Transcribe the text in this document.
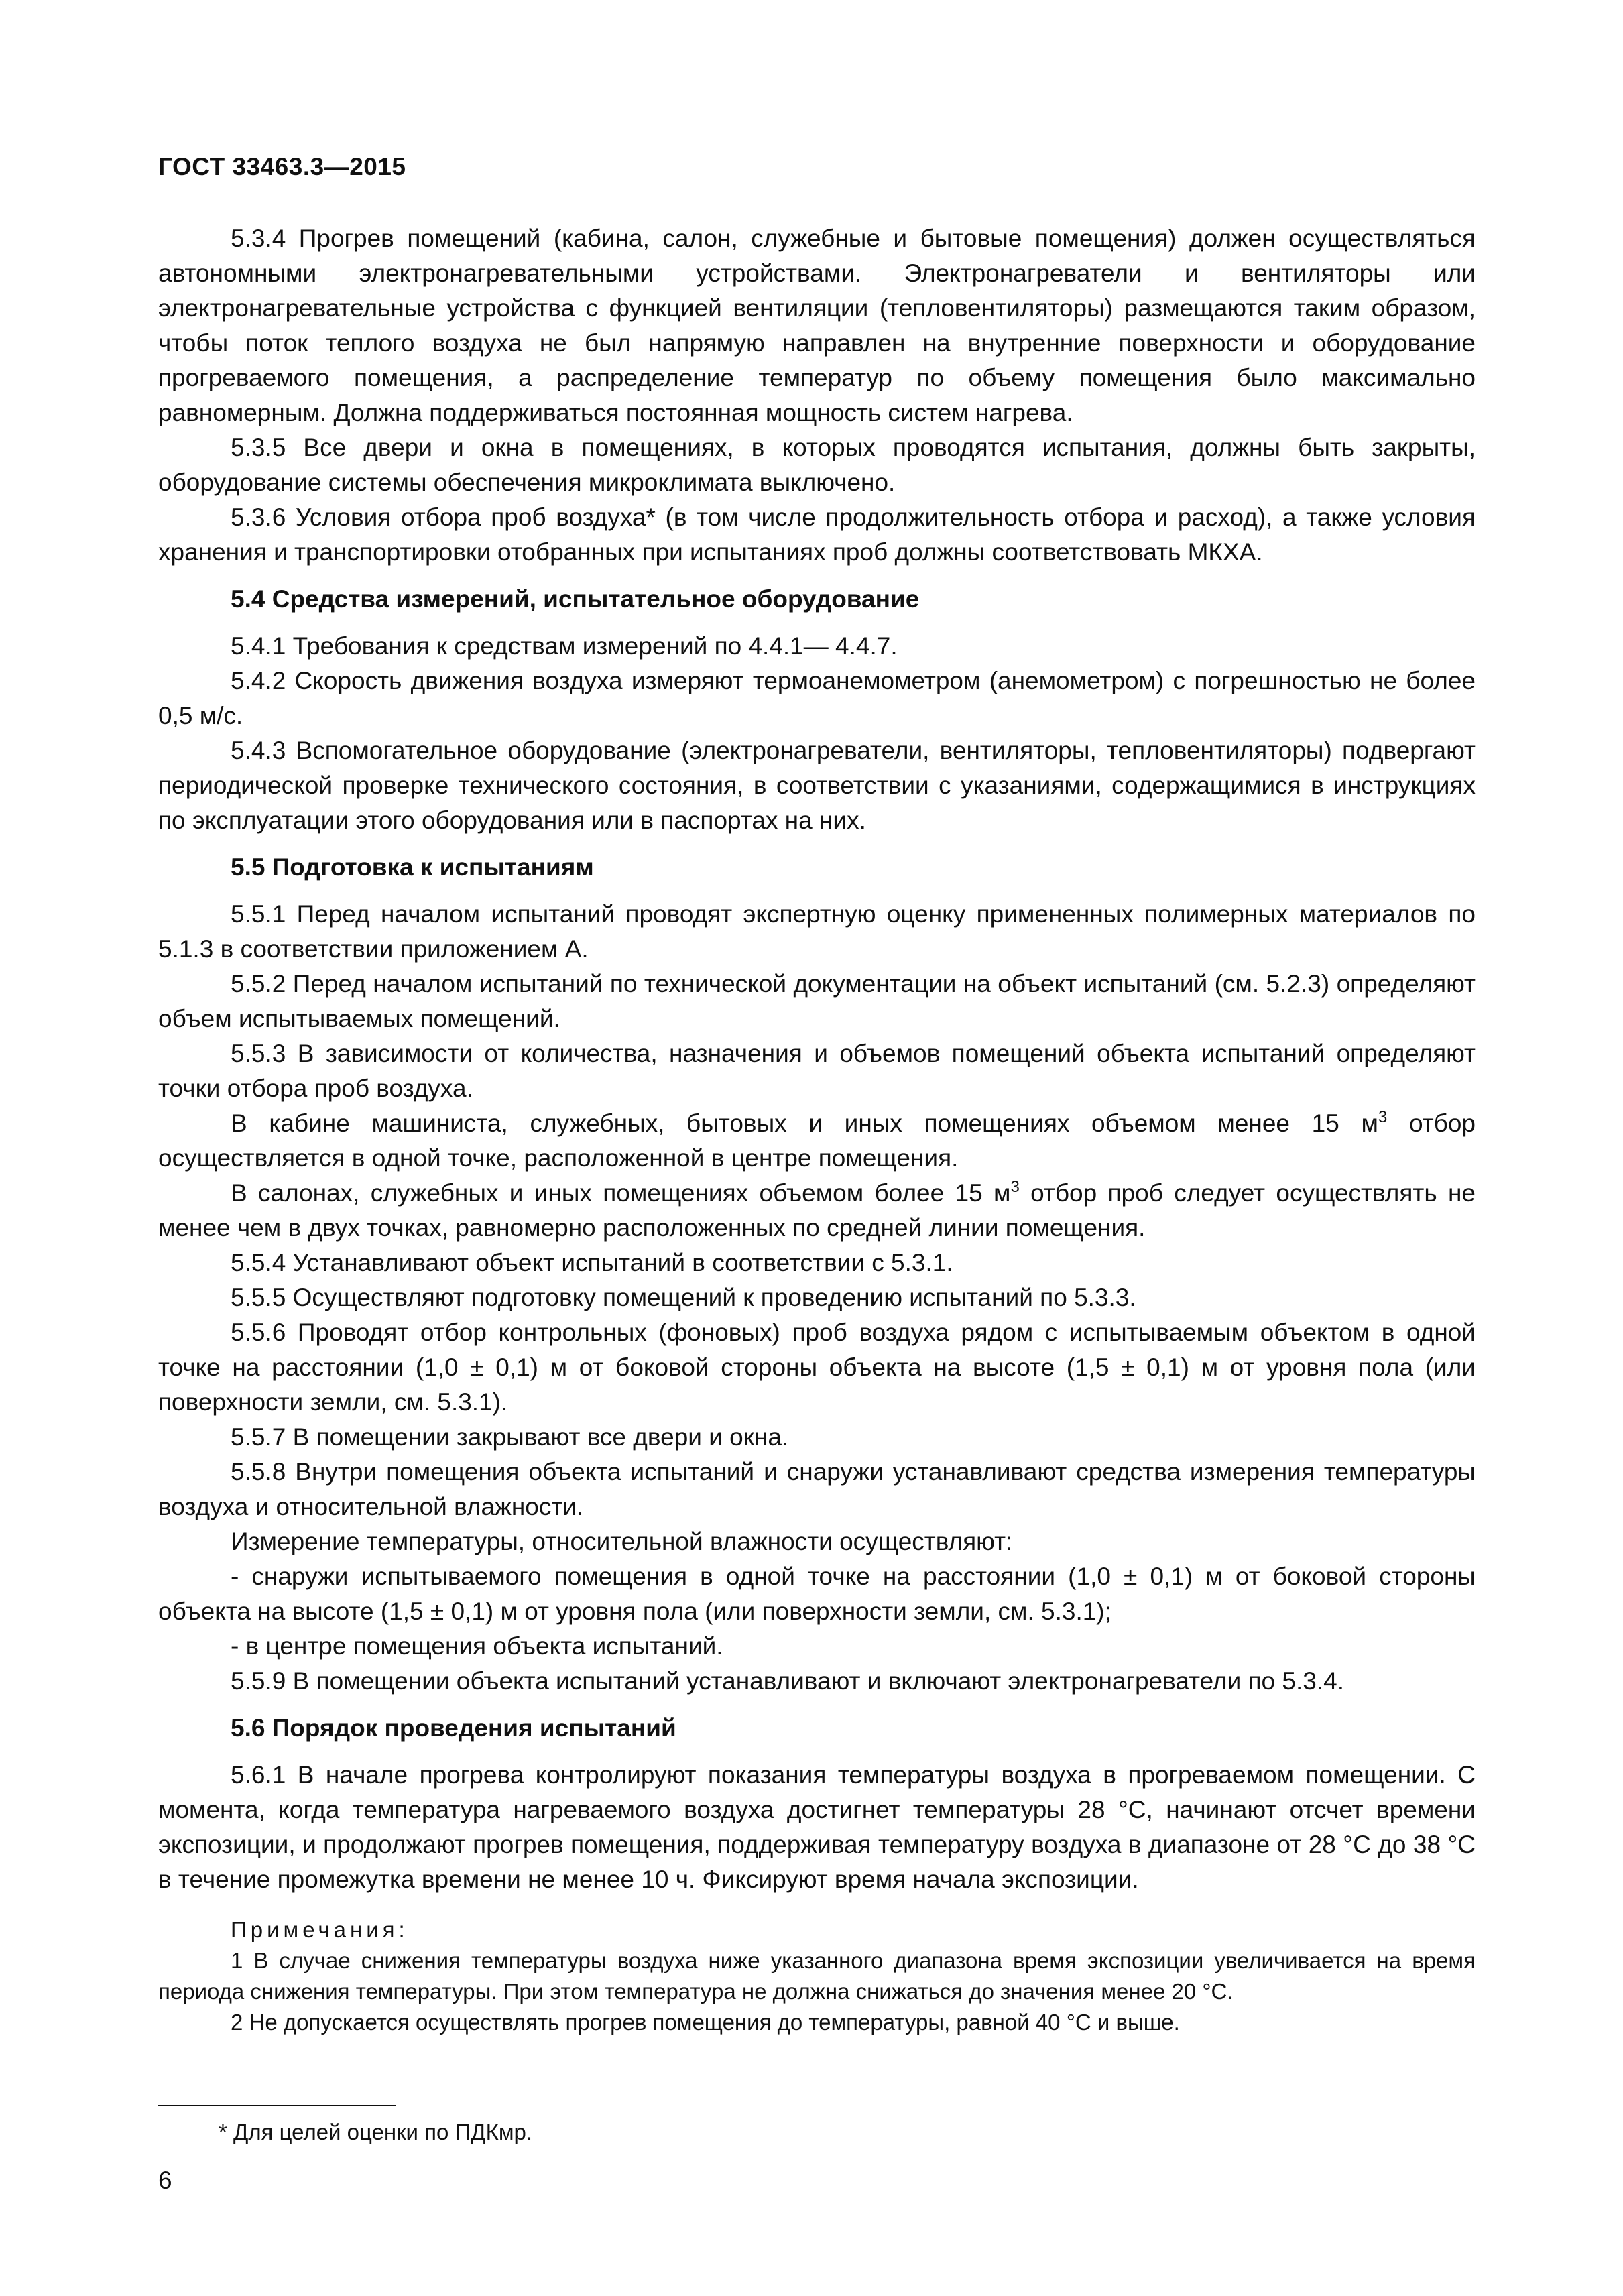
ГОСТ 33463.3—2015

5.3.4 Прогрев помещений (кабина, салон, служебные и бытовые помещения) должен осуществляться автономными электронагревательными устройствами. Электронагреватели и вентиляторы или электронагревательные устройства с функцией вентиляции (тепловентиляторы) размещаются таким образом, чтобы поток теплого воздуха не был напрямую направлен на внутренние поверхности и оборудование прогреваемого помещения, а распределение температур по объему помещения было максимально равномерным. Должна поддерживаться постоянная мощность систем нагрева.

5.3.5 Все двери и окна в помещениях, в которых проводятся испытания, должны быть закрыты, оборудование системы обеспечения микроклимата выключено.

5.3.6 Условия отбора проб воздуха* (в том числе продолжительность отбора и расход), а также условия хранения и транспортировки отобранных при испытаниях проб должны соответствовать МКХА.

5.4 Средства измерений, испытательное оборудование

5.4.1 Требования к средствам измерений по 4.4.1— 4.4.7.

5.4.2 Скорость движения воздуха измеряют термоанемометром (анемометром) с погрешностью не более 0,5 м/с.

5.4.3 Вспомогательное оборудование (электронагреватели, вентиляторы, тепловентиляторы) подвергают периодической проверке технического состояния, в соответствии с указаниями, содержащимися в инструкциях по эксплуатации этого оборудования или в паспортах на них.

5.5 Подготовка к испытаниям

5.5.1 Перед началом испытаний проводят экспертную оценку примененных полимерных материалов по 5.1.3 в соответствии приложением А.

5.5.2 Перед началом испытаний по технической документации на объект испытаний (см. 5.2.3) определяют объем испытываемых помещений.

5.5.3 В зависимости от количества, назначения и объемов помещений объекта испытаний определяют точки отбора проб воздуха.

В кабине машиниста, служебных, бытовых и иных помещениях объемом менее 15 $м^3$ отбор осуществляется в одной точке, расположенной в центре помещения.

В салонах, служебных и иных помещениях объемом более 15 $м^3$ отбор проб следует осуществлять не менее чем в двух точках, равномерно расположенных по средней линии помещения.

5.5.4 Устанавливают объект испытаний в соответствии с 5.3.1.

5.5.5 Осуществляют подготовку помещений к проведению испытаний по 5.3.3.

5.5.6 Проводят отбор контрольных (фоновых) проб воздуха рядом с испытываемым объектом в одной точке на расстоянии (1,0 ± 0,1) м от боковой стороны объекта на высоте (1,5 ± 0,1) м от уровня пола (или поверхности земли, см. 5.3.1).

5.5.7 В помещении закрывают все двери и окна.

5.5.8 Внутри помещения объекта испытаний и снаружи устанавливают средства измерения температуры воздуха и относительной влажности.

Измерение температуры, относительной влажности осуществляют:

- снаружи испытываемого помещения в одной точке на расстоянии (1,0 ± 0,1) м от боковой стороны объекта на высоте (1,5 ± 0,1) м от уровня пола (или поверхности земли, см. 5.3.1);

- в центре помещения объекта испытаний.

5.5.9 В помещении объекта испытаний устанавливают и включают электронагреватели по 5.3.4.

5.6 Порядок проведения испытаний

5.6.1 В начале прогрева контролируют показания температуры воздуха в прогреваемом помещении. С момента, когда температура нагреваемого воздуха достигнет температуры 28 °С, начинают отсчет времени экспозиции, и продолжают прогрев помещения, поддерживая температуру воздуха в диапазоне от 28 °С до 38 °С в течение промежутка времени не менее 10 ч. Фиксируют время начала экспозиции.

Примечания:

1 В случае снижения температуры воздуха ниже указанного диапазона время экспозиции увеличивается на время периода снижения температуры. При этом температура не должна снижаться до значения менее 20 °С.

2 Не допускается осуществлять прогрев помещения до температуры, равной 40 °С и выше.

* Для целей оценки по ПДКмр.
6
